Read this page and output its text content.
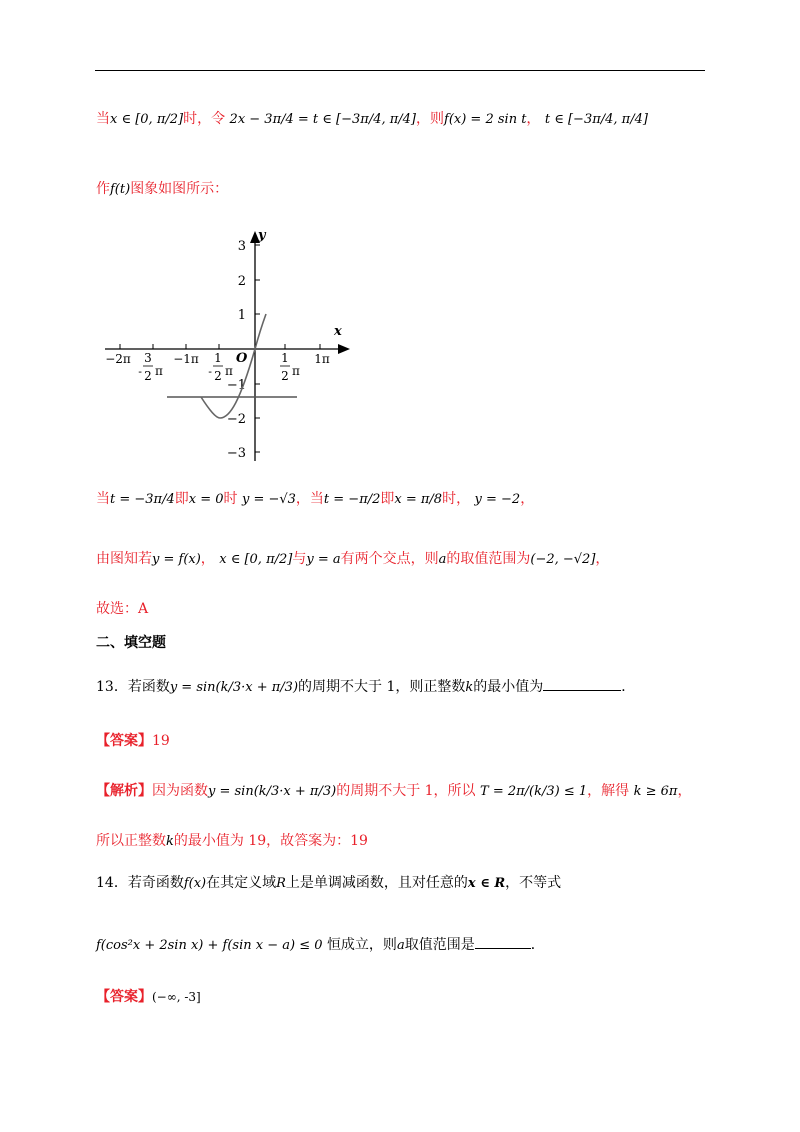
当x ∈ [0, π/2]时，令 2x − 3π/4 = t ∈ [−3π/4, π/4]，则f(x) = 2 sin t， t ∈ [−3π/4, π/4]
作f(t)图象如图所示：
3
2
1
−1
−2
−3
y
x
O
−2π	−1π	1π
-
3
2 π	-
1
2 π
1
2 π
当t = −3π/4即x = 0时 y = −√3，当t = −π/2即x = π/8时， y = −2，
由图知若y = f(x)， x ∈ [0, π/2]与y = a有两个交点，则a的取值范围为(−2, −√2]，
故选：A
二、填空题
13．若函数y = sin(k/3·x + π/3)的周期不大于 1，则正整数k的最小值为	．
【答案】19
【解析】因为函数y = sin(k/3·x + π/3)的周期不大于 1，所以 T = 2π/(k/3) ≤ 1，解得 k ≥ 6π，
所以正整数k的最小值为 19，故答案为：19
14．若奇函数f(x)在其定义域R上是单调减函数，且对任意的x ∈ R，不等式
f(cos²x + 2sin x) + f(sin x − a) ≤ 0 恒成立，则a取值范围是	．
【答案】(−∞, -3]
